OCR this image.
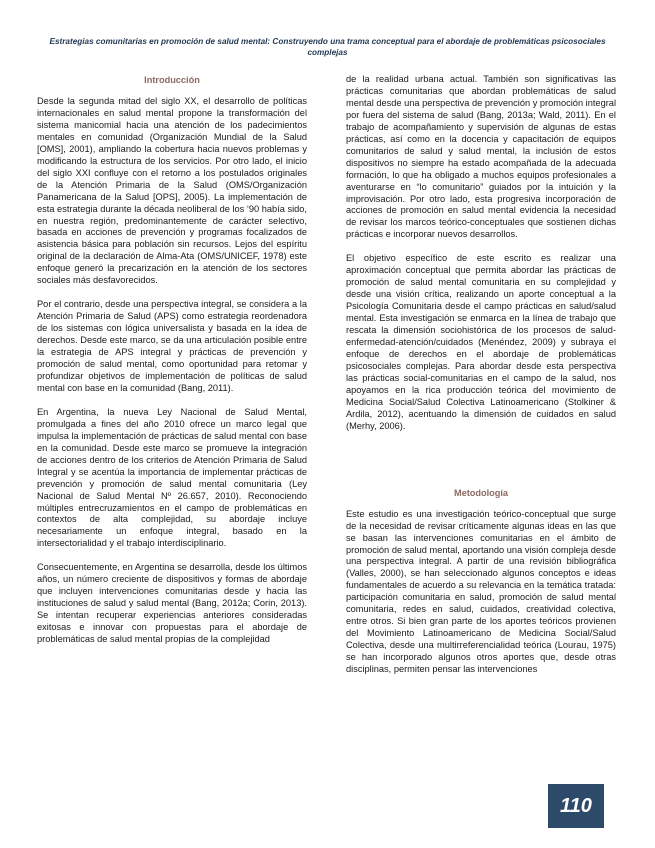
Estrategias comunitarias en promoción de salud mental: Construyendo una trama conceptual para el abordaje de problemáticas psicosociales complejas
Introducción

Desde la segunda mitad del siglo XX, el desarrollo de políticas internacionales en salud mental propone la transformación del sistema manicomial hacia una atención de los padecimientos mentales en comunidad (Organización Mundial de la Salud [OMS], 2001), ampliando la cobertura hacia nuevos problemas y modificando la estructura de los servicios. Por otro lado, el inicio del siglo XXI confluye con el retorno a los postulados originales de la Atención Primaria de la Salud (OMS/Organización Panamericana de la Salud [OPS], 2005). La implementación de esta estrategia durante la década neoliberal de los ‘90 había sido, en nuestra región, predominantemente de carácter selectivo, basada en acciones de prevención y programas focalizados de asistencia básica para población sin recursos. Lejos del espíritu original de la declaración de Alma-Ata (OMS/UNICEF, 1978) este enfoque generó la precarización en la atención de los sectores sociales más desfavorecidos.

Por el contrario, desde una perspectiva integral, se considera a la Atención Primaria de Salud (APS) como estrategia reordenadora de los sistemas con lógica universalista y basada en la idea de derechos. Desde este marco, se da una articulación posible entre la estrategia de APS integral y prácticas de prevención y promoción de salud mental, como oportunidad para retomar y profundizar objetivos de implementación de políticas de salud mental con base en la comunidad (Bang, 2011).

En Argentina, la nueva Ley Nacional de Salud Mental, promulgada a fines del año 2010 ofrece un marco legal que impulsa la implementación de prácticas de salud mental con base en la comunidad. Desde este marco se promueve la integración de acciones dentro de los criterios de Atención Primaria de Salud Integral y se acentúa la importancia de implementar prácticas de prevención y promoción de salud mental comunitaria (Ley Nacional de Salud Mental Nº 26.657, 2010). Reconociendo múltiples entrecruzamientos en el campo de problemáticas en contextos de alta complejidad, su abordaje incluye necesariamente un enfoque integral, basado en la intersectorialidad y el trabajo interdisciplinario.

Consecuentemente, en Argentina se desarrolla, desde los últimos años, un número creciente de dispositivos y formas de abordaje que incluyen intervenciones comunitarias desde y hacia las instituciones de salud y salud mental (Bang, 2012a; Corin, 2013). Se intentan recuperar experiencias anteriores consideradas exitosas e innovar con propuestas para el abordaje de problemáticas de salud mental propias de la complejidad

de la realidad urbana actual. También son significativas las prácticas comunitarias que abordan problemáticas de salud mental desde una perspectiva de prevención y promoción integral por fuera del sistema de salud (Bang, 2013a; Wald, 2011). En el trabajo de acompañamiento y supervisión de algunas de estas prácticas, así como en la docencia y capacitación de equipos comunitarios de salud y salud mental, la inclusión de estos dispositivos no siempre ha estado acompañada de la adecuada formación, lo que ha obligado a muchos equipos profesionales a aventurarse en “lo comunitario” guiados por la intuición y la improvisación. Por otro lado, esta progresiva incorporación de acciones de promoción en salud mental evidencia la necesidad de revisar los marcos teórico-conceptuales que sostienen dichas prácticas e incorporar nuevos desarrollos.

El objetivo específico de este escrito es realizar una aproximación conceptual que permita abordar las prácticas de promoción de salud mental comunitaria en su complejidad y desde una visión crítica, realizando un aporte conceptual a la Psicología Comunitaria desde el campo prácticas en salud/salud mental. Esta investigación se enmarca en la línea de trabajo que rescata la dimensión sociohistórica de los procesos de salud-enfermedad-atención/cuidados (Menéndez, 2009) y subraya el enfoque de derechos en el abordaje de problemáticas psicosociales complejas. Para abordar desde esta perspectiva las prácticas social-comunitarias en el campo de la salud, nos apoyamos en la rica producción teórica del movimiento de Medicina Social/Salud Colectiva Latinoamericano (Stolkiner & Ardila, 2012), acentuando la dimensión de cuidados en salud (Merhy, 2006).

Metodología

Este estudio es una investigación teórico-conceptual que surge de la necesidad de revisar críticamente algunas ideas en las que se basan las intervenciones comunitarias en el ámbito de promoción de salud mental, aportando una visión compleja desde una perspectiva integral. A partir de una revisión bibliográfica (Valles, 2000), se han seleccionado algunos conceptos e ideas fundamentales de acuerdo a su relevancia en la temática tratada: participación comunitaria en salud, promoción de salud mental comunitaria, redes en salud, cuidados, creatividad colectiva, entre otros. Si bien gran parte de los aportes teóricos provienen del Movimiento Latinoamericano de Medicina Social/Salud Colectiva, desde una multirreferencialidad teórica (Lourau, 1975) se han incorporado algunos otros aportes que, desde otras disciplinas, permiten pensar las intervenciones

110
